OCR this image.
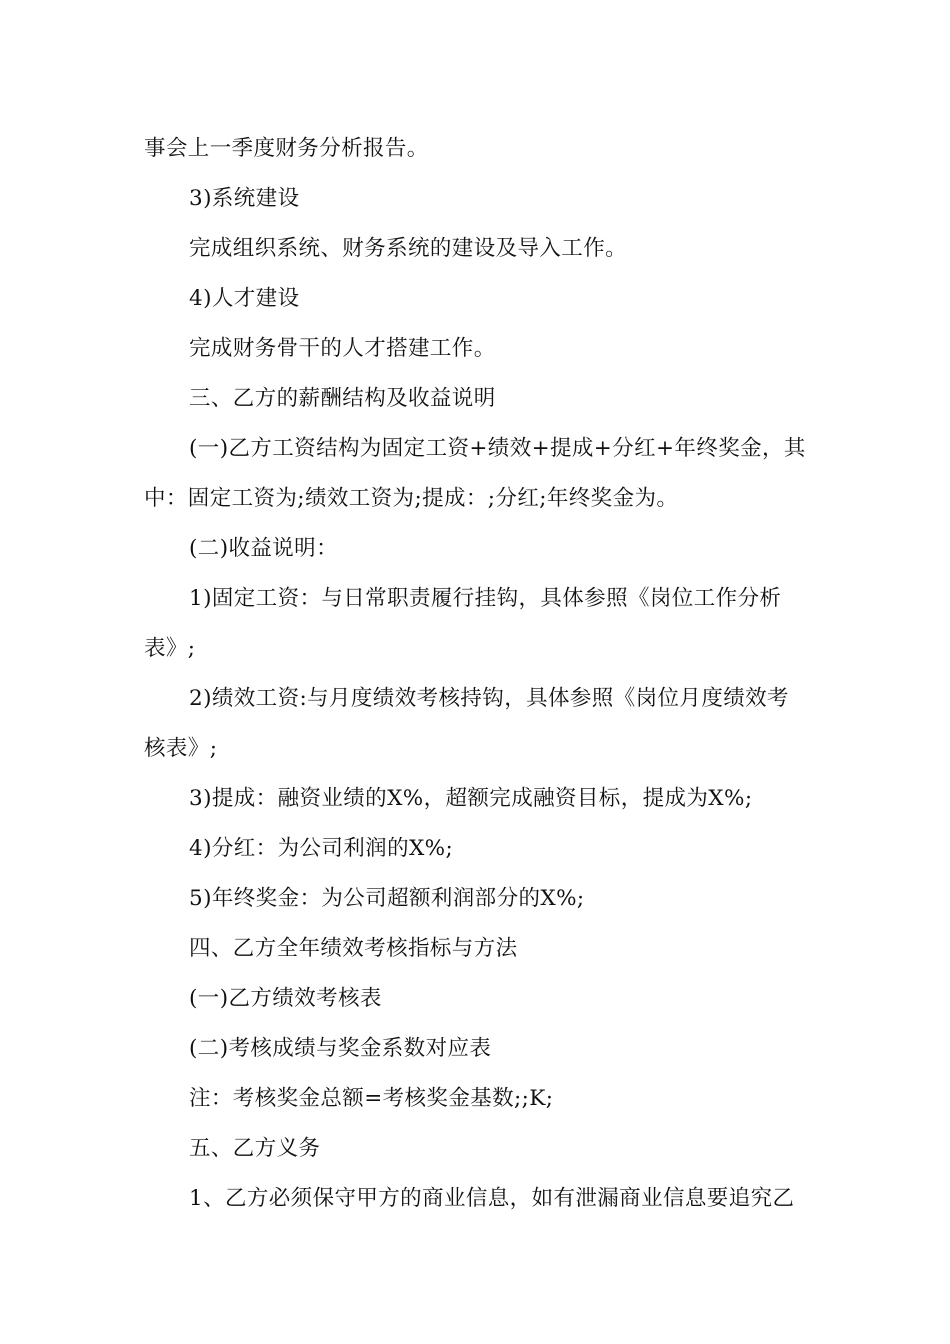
事会上一季度财务分析报告。
3)系统建设
完成组织系统、财务系统的建设及导入工作。
4)人才建设
完成财务骨干的人才搭建工作。
三、乙方的薪酬结构及收益说明
(一)乙方工资结构为固定工资+绩效+提成+分红+年终奖金，其
中：固定工资为;绩效工资为;提成：;分红;年终奖金为。
(二)收益说明：
1)固定工资：与日常职责履行挂钩，具体参照《岗位工作分析
表》;
2)绩效工资:与月度绩效考核持钩，具体参照《岗位月度绩效考
核表》;
3)提成：融资业绩的X%，超额完成融资目标，提成为X%;
4)分红：为公司利润的X%;
5)年终奖金：为公司超额利润部分的X%;
四、乙方全年绩效考核指标与方法
(一)乙方绩效考核表
(二)考核成绩与奖金系数对应表
注：考核奖金总额=考核奖金基数;;K;
五、乙方义务
1、乙方必须保守甲方的商业信息，如有泄漏商业信息要追究乙
